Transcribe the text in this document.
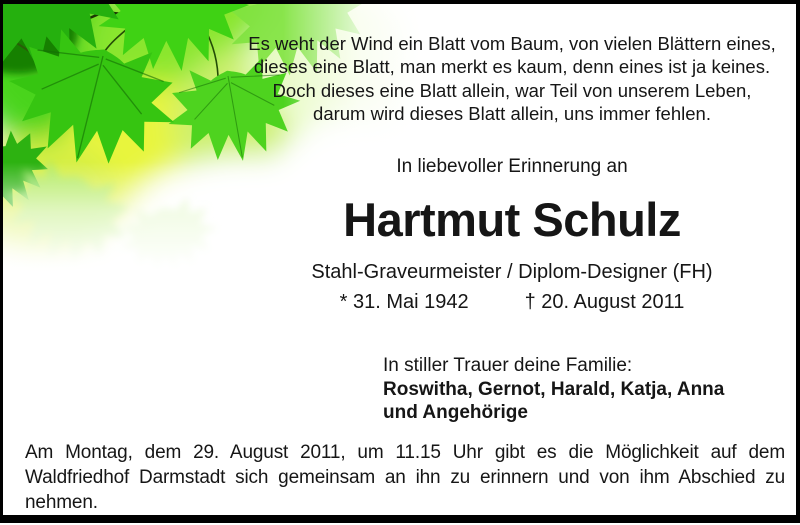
Es weht der Wind ein Blatt vom Baum, von vielen Blättern eines,
dieses eine Blatt, man merkt es kaum, denn eines ist ja keines.
Doch dieses eine Blatt allein, war Teil von unserem Leben,
darum wird dieses Blatt allein, uns immer fehlen.
In liebevoller Erinnerung an
Hartmut Schulz
Stahl-Graveurmeister / Diplom-Designer (FH)
* 31. Mai 1942	† 20. August 2011
In stiller Trauer deine Familie:
Roswitha, Gernot, Harald, Katja, Anna
und Angehörige
Am Montag, dem 29. August 2011, um 11.15 Uhr gibt es die Möglichkeit auf dem
Waldfriedhof Darmstadt sich gemeinsam an ihn zu erinnern und von ihm Abschied zu
nehmen.
